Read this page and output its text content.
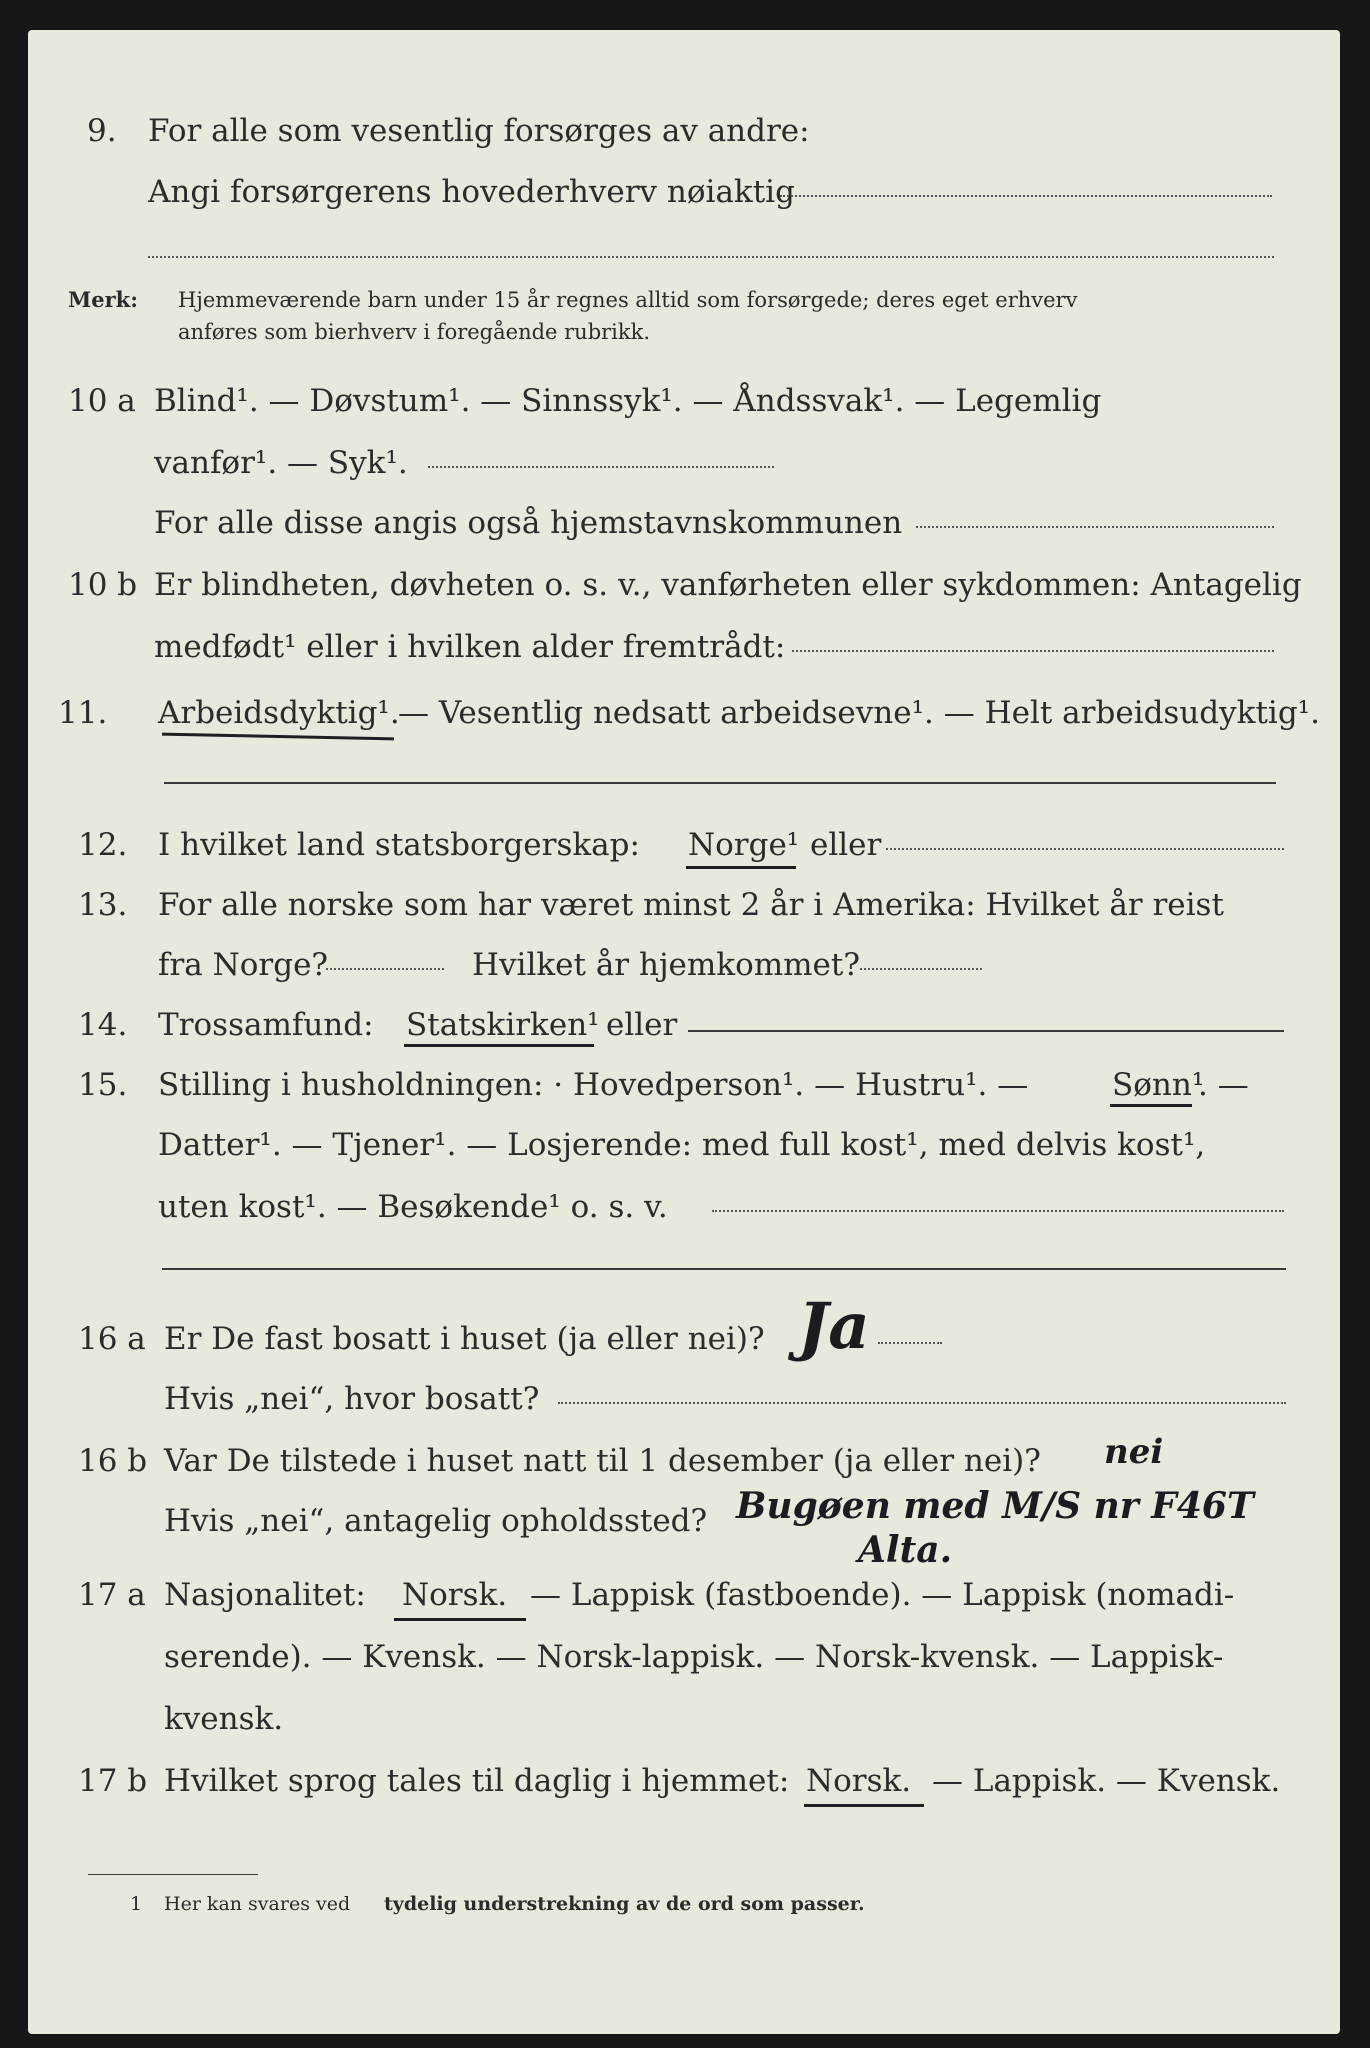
9. For alle som vesentlig forsørges av andre:
Angi forsørgerens hovederhverv nøiaktig
Merk: Hjemmeværende barn under 15 år regnes alltid som forsørgede; deres eget erhverv
anføres som bierhverv i foregående rubrikk.
10 a Blind¹. — Døvstum¹. — Sinnssyk¹. — Åndssvak¹. — Legemlig
vanfør¹. — Syk¹.
For alle disse angis også hjemstavnskommunen
10 b Er blindheten, døvheten o. s. v., vanførheten eller sykdommen: Antagelig
medfødt¹ eller i hvilken alder fremtrådt:
11. Arbeidsdyktig¹.
— Vesentlig nedsatt arbeidsevne¹. — Helt arbeidsudyktig¹.
12. I hvilket land statsborgerskap: Norge¹ eller
13. For alle norske som har været minst 2 år i Amerika: Hvilket år reist
fra Norge?	Hvilket år hjemkommet?
14. Trossamfund: Statskirken¹ eller
15. Stilling i husholdningen: · Hovedperson¹. — Hustru¹. —	Sønn¹
. —
Datter¹. — Tjener¹. — Losjerende: med full kost¹, med delvis kost¹,
uten kost¹. — Besøkende¹ o. s. v.
16 a Er De fast bosatt i huset (ja eller nei)? Ja
Hvis „nei“, hvor bosatt?
16 b Var De tilstede i huset natt til 1 desember (ja eller nei)? nei
Hvis „nei“, antagelig opholdssted? Bugøen med M/S nr F46T
Alta.
17 a Nasjonalitet: Norsk. — Lappisk (fastboende). — Lappisk (nomadi-
serende). — Kvensk. — Norsk-lappisk. — Norsk-kvensk. — Lappisk-
kvensk.
17 b Hvilket sprog tales til daglig i hjemmet: Norsk. — Lappisk. — Kvensk.
1 Her kan svares ved tydelig understrekning av de ord som passer.
